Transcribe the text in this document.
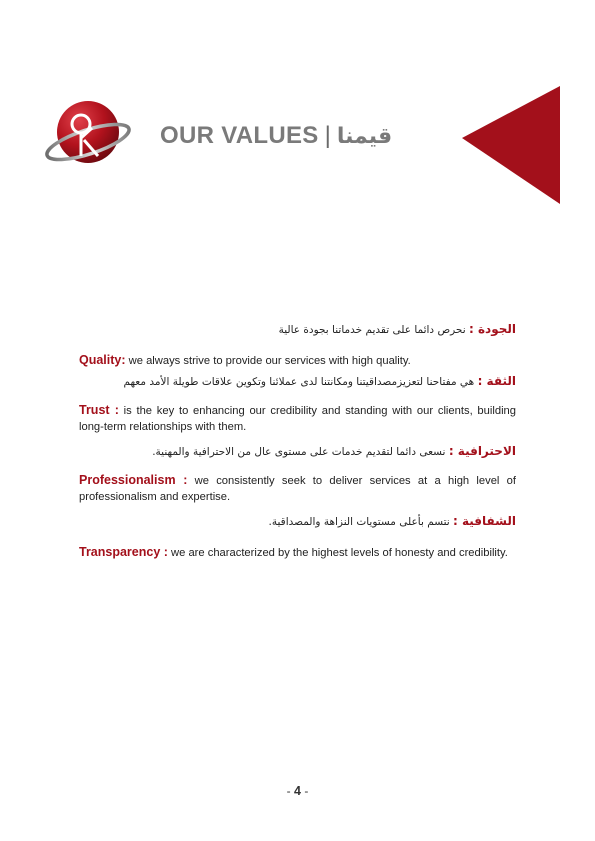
OUR VALUES | قيمنا
الجودة : نحرص دائما على تقديم خدماتنا بجودة عالية
Quality: we always strive to provide our services with high quality.
الثقة : هي مفتاحنا لتعزيزمصداقيتنا ومكانتنا لدى عملائنا وتكوين علاقات طويلة الأمد معهم
Trust : is the key to enhancing our credibility and standing with our clients, building long-term relationships with them.
الاحترافية : نسعى دائما لتقديم خدمات على مستوى عال من الاحترافية والمهنية.
Professionalism : we consistently seek to deliver services at a high level of professionalism and expertise.
الشفافية : نتسم بأعلى مستويات النزاهة والمصداقية.
Transparency : we are characterized by the highest levels of honesty and credibility.
- 4 -
